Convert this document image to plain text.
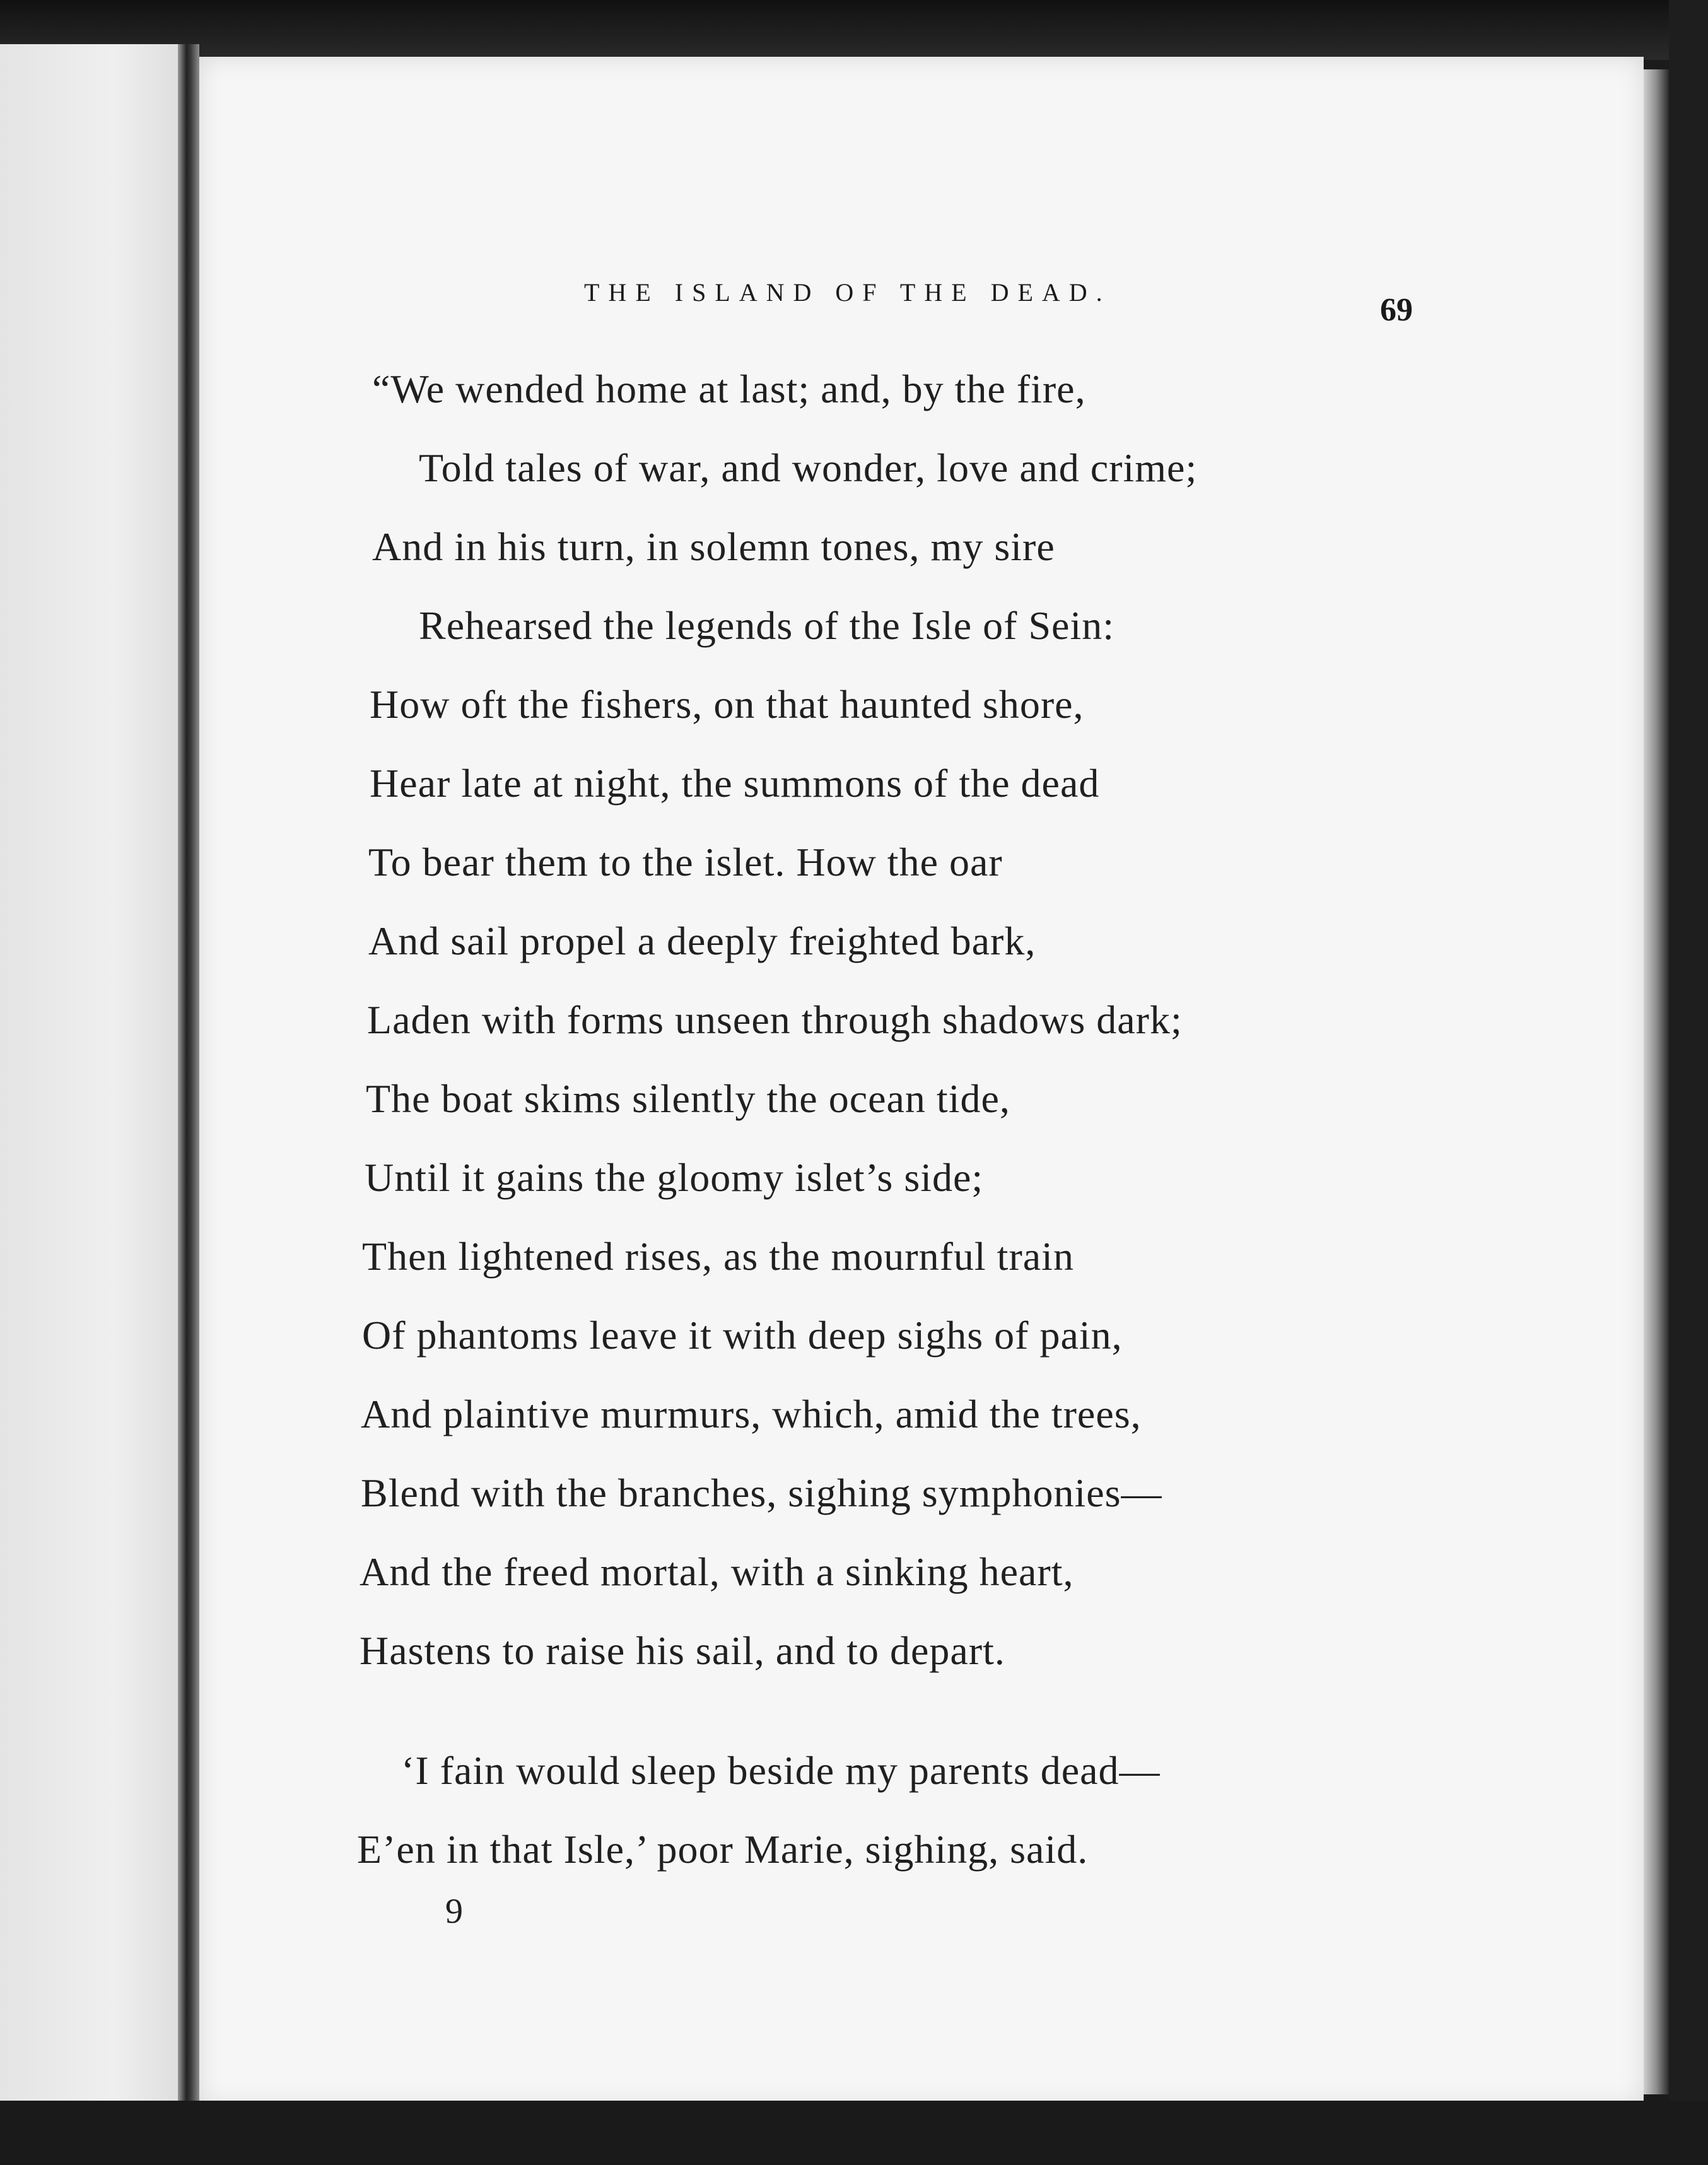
THE ISLAND OF THE DEAD.	69
“We wended home at last; and, by the fire,
Told tales of war, and wonder, love and crime;
And in his turn, in solemn tones, my sire
Rehearsed the legends of the Isle of Sein:
How oft the fishers, on that haunted shore,
Hear late at night, the summons of the dead
To bear them to the islet. How the oar
And sail propel a deeply freighted bark,
Laden with forms unseen through shadows dark;
The boat skims silently the ocean tide,
Until it gains the gloomy islet’s side;
Then lightened rises, as the mournful train
Of phantoms leave it with deep sighs of pain,
And plaintive murmurs, which, amid the trees,
Blend with the branches, sighing symphonies—
And the freed mortal, with a sinking heart,
Hastens to raise his sail, and to depart.
‘I fain would sleep beside my parents dead—
E’en in that Isle,’ poor Marie, sighing, said.
9
